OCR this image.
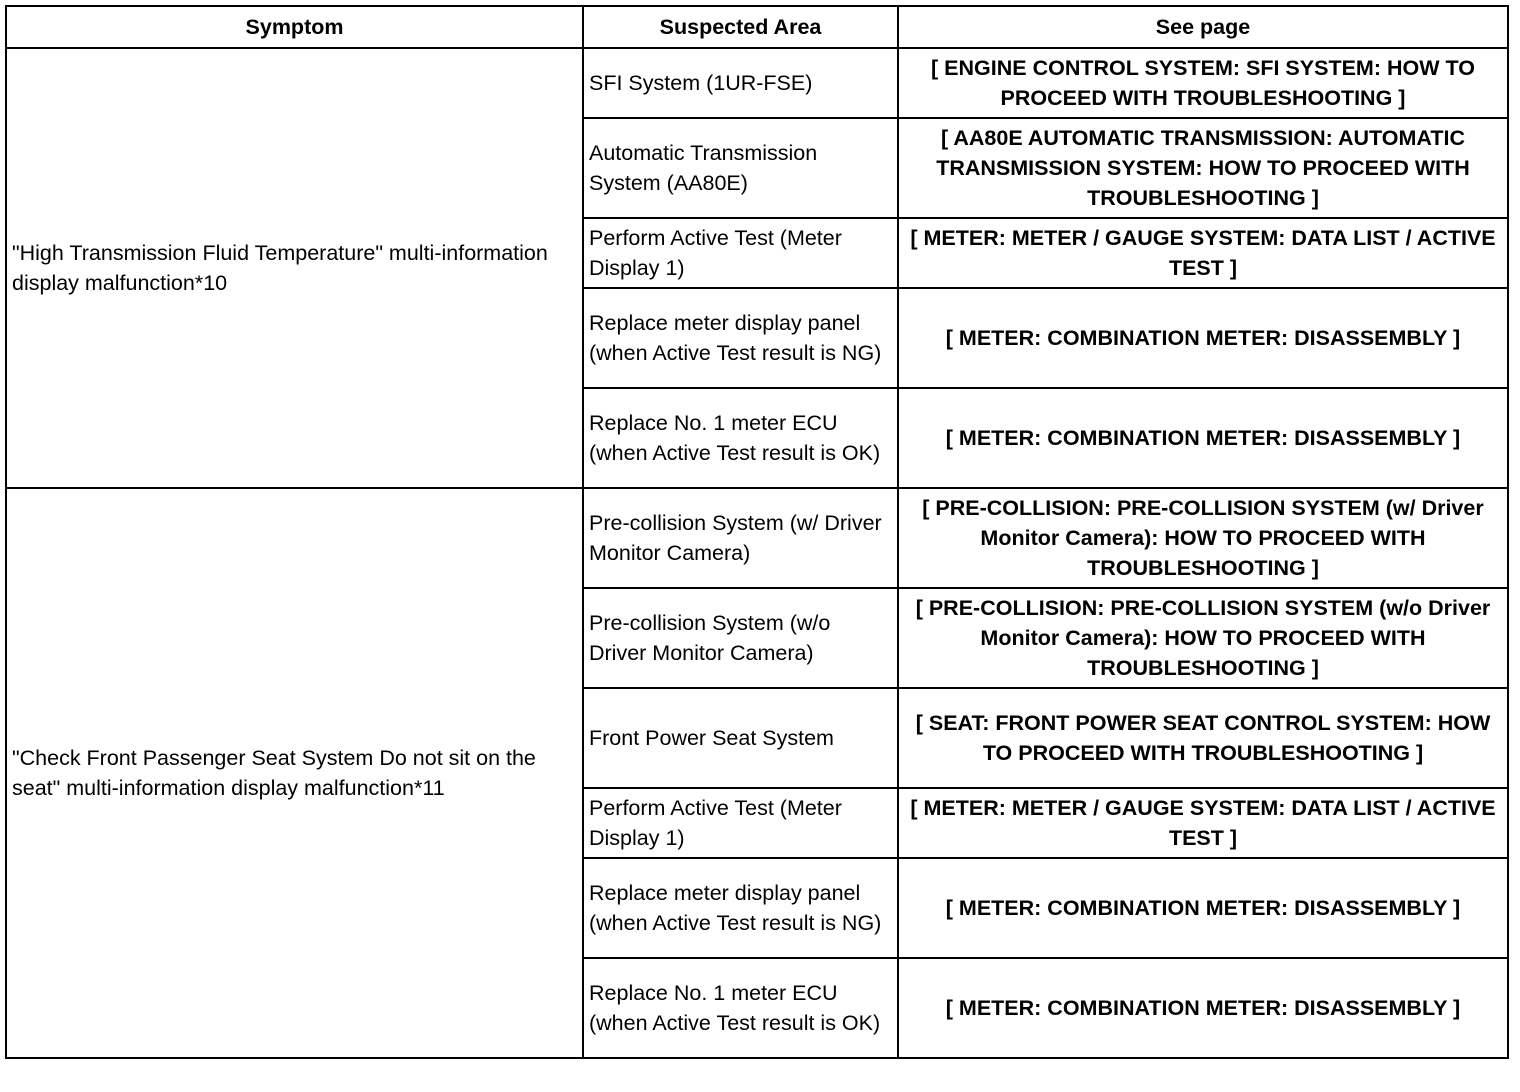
Symptom	Suspected Area	See page
"High Transmission Fluid Temperature" multi-information display malfunction*10	SFI System (1UR-FSE)	[ ENGINE CONTROL SYSTEM: SFI SYSTEM: HOW TO PROCEED WITH TROUBLESHOOTING ]
	Automatic Transmission System (AA80E)	[ AA80E AUTOMATIC TRANSMISSION: AUTOMATIC TRANSMISSION SYSTEM: HOW TO PROCEED WITH TROUBLESHOOTING ]
	Perform Active Test (Meter Display 1)	[ METER: METER / GAUGE SYSTEM: DATA LIST / ACTIVE TEST ]
	Replace meter display panel (when Active Test result is NG)	[ METER: COMBINATION METER: DISASSEMBLY ]
	Replace No. 1 meter ECU (when Active Test result is OK)	[ METER: COMBINATION METER: DISASSEMBLY ]
"Check Front Passenger Seat System Do not sit on the seat" multi-information display malfunction*11	Pre-collision System (w/ Driver Monitor Camera)	[ PRE-COLLISION: PRE-COLLISION SYSTEM (w/ Driver Monitor Camera): HOW TO PROCEED WITH TROUBLESHOOTING ]
	Pre-collision System (w/o Driver Monitor Camera)	[ PRE-COLLISION: PRE-COLLISION SYSTEM (w/o Driver Monitor Camera): HOW TO PROCEED WITH TROUBLESHOOTING ]
	Front Power Seat System	[ SEAT: FRONT POWER SEAT CONTROL SYSTEM: HOW TO PROCEED WITH TROUBLESHOOTING ]
	Perform Active Test (Meter Display 1)	[ METER: METER / GAUGE SYSTEM: DATA LIST / ACTIVE TEST ]
	Replace meter display panel (when Active Test result is NG)	[ METER: COMBINATION METER: DISASSEMBLY ]
	Replace No. 1 meter ECU (when Active Test result is OK)	[ METER: COMBINATION METER: DISASSEMBLY ]
